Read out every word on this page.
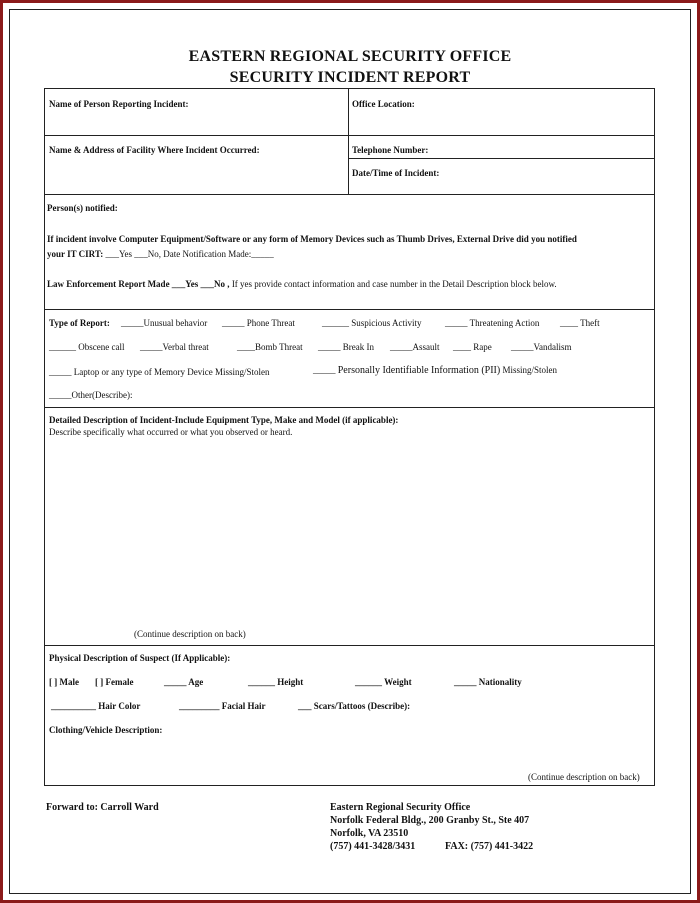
EASTERN REGIONAL SECURITY OFFICE
SECURITY INCIDENT REPORT
Name of Person Reporting Incident:	Office Location:
Name & Address of Facility Where Incident Occurred:	Telephone Number:
Date/Time of Incident:
Person(s) notified:
If incident involve Computer Equipment/Software or any form of Memory Devices such as Thumb Drives, External Drive did you notified
your IT CIRT: ___Yes ___No, Date Notification Made:_____
Law Enforcement Report Made ___Yes ___No , If yes provide contact information and case number in the Detail Description block below.
Type of Report: _____Unusual behavior _____ Phone Threat	______ Suspicious Activity	_____ Threatening Action ____ Theft
______ Obscene call _____Verbal threat	____Bomb Threat _____ Break In _____Assault ____ Rape _____Vandalism
_____ Laptop or any type of Memory Device Missing/Stolen	_____ Personally Identifiable Information (PII) Missing/Stolen
_____Other(Describe):
Detailed Description of Incident-Include Equipment Type, Make and Model (if applicable):
Describe specifically what occurred or what you observed or heard.
(Continue description on back)
Physical Description of Suspect (If Applicable):
[ ] Male [ ] Female	_____ Age	______ Height	______ Weight	_____ Nationality
__________ Hair Color	_________ Facial Hair	___ Scars/Tattoos (Describe):
Clothing/Vehicle Description:
(Continue description on back)
Forward to: Carroll Ward	Eastern Regional Security Office
Norfolk Federal Bldg., 200 Granby St., Ste 407
Norfolk, VA 23510
(757) 441-3428/3431	FAX: (757) 441-3422
